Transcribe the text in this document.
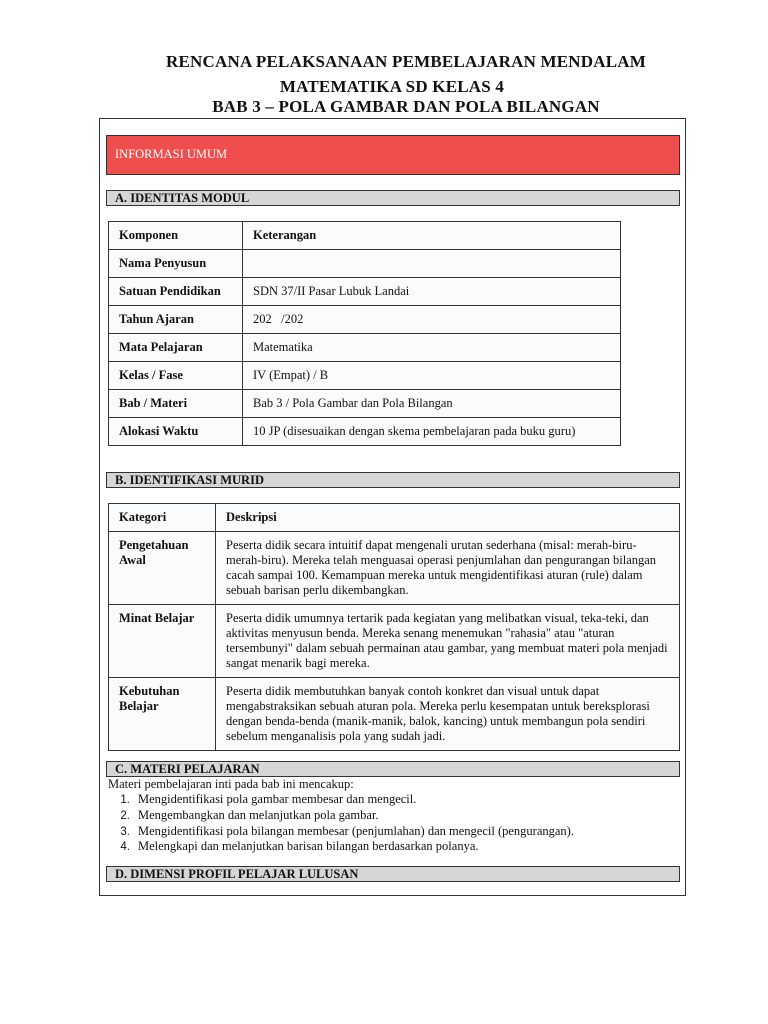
RENCANA PELAKSANAAN PEMBELAJARAN MENDALAM
MATEMATIKA SD KELAS 4
BAB 3 – POLA GAMBAR DAN POLA BILANGAN
INFORMASI UMUM
A. IDENTITAS MODUL
Komponen	Keterangan
Nama Penyusun	
Satuan Pendidikan	SDN 37/II Pasar Lubuk Landai
Tahun Ajaran	202   /202
Mata Pelajaran	Matematika
Kelas / Fase	IV (Empat) / B
Bab / Materi	Bab 3 / Pola Gambar dan Pola Bilangan
Alokasi Waktu	10 JP (disesuaikan dengan skema pembelajaran pada buku guru)
B. IDENTIFIKASI MURID
Kategori	Deskripsi
Pengetahuan Awal	Peserta didik secara intuitif dapat mengenali urutan sederhana (misal: merah-biru-merah-biru). Mereka telah menguasai operasi penjumlahan dan pengurangan bilangan cacah sampai 100. Kemampuan mereka untuk mengidentifikasi aturan (rule) dalam sebuah barisan perlu dikembangkan.
Minat Belajar	Peserta didik umumnya tertarik pada kegiatan yang melibatkan visual, teka-teki, dan aktivitas menyusun benda. Mereka senang menemukan "rahasia" atau "aturan tersembunyi" dalam sebuah permainan atau gambar, yang membuat materi pola menjadi sangat menarik bagi mereka.
Kebutuhan Belajar	Peserta didik membutuhkan banyak contoh konkret dan visual untuk dapat mengabstraksikan sebuah aturan pola. Mereka perlu kesempatan untuk bereksplorasi dengan benda-benda (manik-manik, balok, kancing) untuk membangun pola sendiri sebelum menganalisis pola yang sudah jadi.
C. MATERI PELAJARAN
Materi pembelajaran inti pada bab ini mencakup:
1. Mengidentifikasi pola gambar membesar dan mengecil.
2. Mengembangkan dan melanjutkan pola gambar.
3. Mengidentifikasi pola bilangan membesar (penjumlahan) dan mengecil (pengurangan).
4. Melengkapi dan melanjutkan barisan bilangan berdasarkan polanya.
D. DIMENSI PROFIL PELAJAR LULUSAN
